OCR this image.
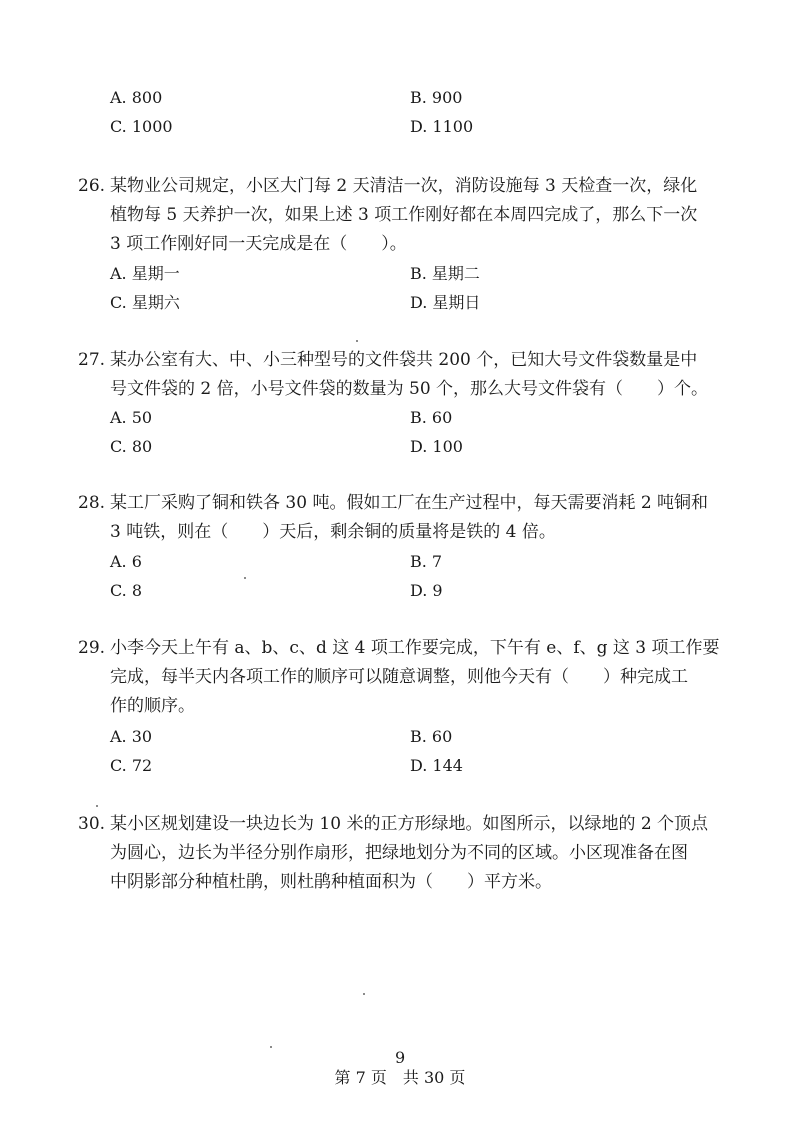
A. 800	B. 900
C. 1000	D. 1100
26. 某物业公司规定，小区大门每 2 天清洁一次，消防设施每 3 天检查一次，绿化
植物每 5 天养护一次，如果上述 3 项工作刚好都在本周四完成了，那么下一次
3 项工作刚好同一天完成是在（　　）。
A. 星期一	B. 星期二
C. 星期六	D. 星期日
27. 某办公室有大、中、小三种型号的文件袋共 200 个，已知大号文件袋数量是中
号文件袋的 2 倍，小号文件袋的数量为 50 个，那么大号文件袋有（　　）个。
A. 50	B. 60
C. 80	D. 100
28. 某工厂采购了铜和铁各 30 吨。假如工厂在生产过程中，每天需要消耗 2 吨铜和
3 吨铁，则在（　　）天后，剩余铜的质量将是铁的 4 倍。
A. 6	B. 7
C. 8	D. 9
29. 小李今天上午有 a、b、c、d 这 4 项工作要完成，下午有 e、f、g 这 3 项工作要
完成，每半天内各项工作的顺序可以随意调整，则他今天有（　　）种完成工
作的顺序。
A. 30	B. 60
C. 72	D. 144
30. 某小区规划建设一块边长为 10 米的正方形绿地。如图所示，以绿地的 2 个顶点
为圆心，边长为半径分别作扇形，把绿地划分为不同的区域。小区现准备在图
中阴影部分种植杜鹃，则杜鹃种植面积为（　　）平方米。
9
第 7 页　共 30 页
